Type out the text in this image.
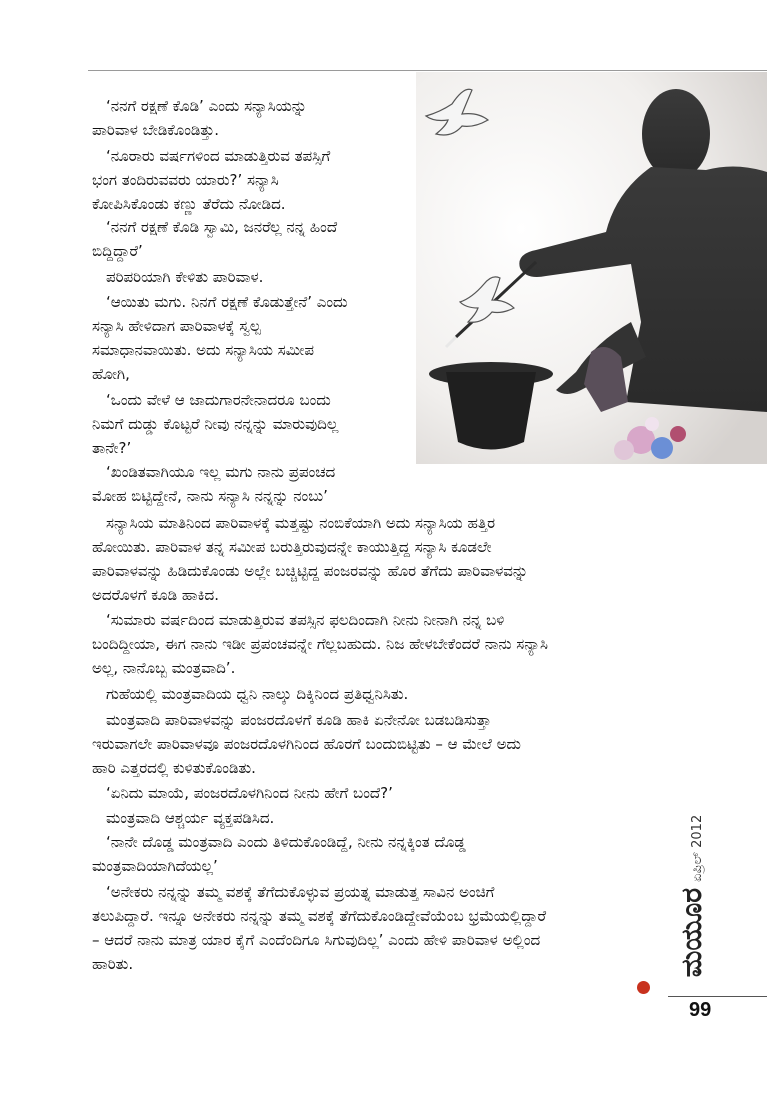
‘ನನಗೆ ರಕ್ಷಣೆ ಕೊಡಿ’ ಎಂದು ಸನ್ಯಾಸಿಯನ್ನು

ಪಾರಿವಾಳ ಬೇಡಿಕೊಂಡಿತ್ತು.

‘ನೂರಾರು ವರ್ಷಗಳಿಂದ ಮಾಡುತ್ತಿರುವ ತಪಸ್ಸಿಗೆ

ಭಂಗ ತಂದಿರುವವರು ಯಾರು?’ ಸನ್ಯಾಸಿ

ಕೋಪಿಸಿಕೊಂಡು ಕಣ್ಣು ತೆರೆದು ನೋಡಿದ.

‘ನನಗೆ ರಕ್ಷಣೆ ಕೊಡಿ ಸ್ವಾಮಿ, ಜನರೆಲ್ಲ ನನ್ನ ಹಿಂದೆ

ಬಿದ್ದಿದ್ದಾರೆ’

ಪರಿಪರಿಯಾಗಿ ಕೇಳಿತು ಪಾರಿವಾಳ.

‘ಆಯಿತು ಮಗು. ನಿನಗೆ ರಕ್ಷಣೆ ಕೊಡುತ್ತೇನೆ’ ಎಂದು

ಸನ್ಯಾಸಿ ಹೇಳಿದಾಗ ಪಾರಿವಾಳಕ್ಕೆ ಸ್ವಲ್ಪ

ಸಮಾಧಾನವಾಯಿತು. ಅದು ಸನ್ಯಾಸಿಯ ಸಮೀಪ

ಹೋಗಿ,

‘ಒಂದು ವೇಳೆ ಆ ಜಾದುಗಾರನೇನಾದರೂ ಬಂದು

ನಿಮಗೆ ದುಡ್ಡು ಕೊಟ್ಟರೆ ನೀವು ನನ್ನನ್ನು ಮಾರುವುದಿಲ್ಲ

ತಾನೇ?’

‘ಖಂಡಿತವಾಗಿಯೂ ಇಲ್ಲ ಮಗು ನಾನು ಪ್ರಪಂಚದ

ಮೋಹ ಬಿಟ್ಟಿದ್ದೇನೆ, ನಾನು ಸನ್ಯಾಸಿ ನನ್ನನ್ನು ನಂಬು’

ಸನ್ಯಾಸಿಯ ಮಾತಿನಿಂದ ಪಾರಿವಾಳಕ್ಕೆ ಮತ್ತಷ್ಟು ನಂಬಿಕೆಯಾಗಿ ಅದು ಸನ್ಯಾಸಿಯ ಹತ್ತಿರ

ಹೋಯಿತು. ಪಾರಿವಾಳ ತನ್ನ ಸಮೀಪ ಬರುತ್ತಿರುವುದನ್ನೇ ಕಾಯುತ್ತಿದ್ದ ಸನ್ಯಾಸಿ ಕೂಡಲೇ

ಪಾರಿವಾಳವನ್ನು ಹಿಡಿದುಕೊಂಡು ಅಲ್ಲೇ ಬಚ್ಚಿಟ್ಟಿದ್ದ ಪಂಜರವನ್ನು ಹೊರ ತೆಗೆದು ಪಾರಿವಾಳವನ್ನು

ಅದರೊಳಗೆ ಕೂಡಿ ಹಾಕಿದ.

‘ಸುಮಾರು ವರ್ಷದಿಂದ ಮಾಡುತ್ತಿರುವ ತಪಸ್ಸಿನ ಫಲದಿಂದಾಗಿ ನೀನು ನೀನಾಗಿ ನನ್ನ ಬಳಿ

ಬಂದಿದ್ದೀಯಾ, ಈಗ ನಾನು ಇಡೀ ಪ್ರಪಂಚವನ್ನೇ ಗೆಲ್ಲಬಹುದು. ನಿಜ ಹೇಳಬೇಕೆಂದರೆ ನಾನು ಸನ್ಯಾಸಿ

ಅಲ್ಲ, ನಾನೊಬ್ಬ ಮಂತ್ರವಾದಿ’.

ಗುಹೆಯಲ್ಲಿ ಮಂತ್ರವಾದಿಯ ಧ್ವನಿ ನಾಲ್ಕು ದಿಕ್ಕಿನಿಂದ ಪ್ರತಿಧ್ವನಿಸಿತು.

ಮಂತ್ರವಾದಿ ಪಾರಿವಾಳವನ್ನು ಪಂಜರದೊಳಗೆ ಕೂಡಿ ಹಾಕಿ ಏನೇನೋ ಬಡಬಡಿಸುತ್ತಾ

ಇರುವಾಗಲೇ ಪಾರಿವಾಳವೂ ಪಂಜರದೊಳಗಿನಿಂದ ಹೊರಗೆ ಬಂದುಬಿಟ್ಟಿತು – ಆ ಮೇಲೆ ಅದು

ಹಾರಿ ಎತ್ತರದಲ್ಲಿ ಕುಳಿತುಕೊಂಡಿತು.

‘ಏನಿದು ಮಾಯೆ, ಪಂಜರದೊಳಗಿನಿಂದ ನೀನು ಹೇಗೆ ಬಂದೆ?’

ಮಂತ್ರವಾದಿ ಆಶ್ಚರ್ಯ ವ್ಯಕ್ತಪಡಿಸಿದ.

‘ನಾನೇ ದೊಡ್ಡ ಮಂತ್ರವಾದಿ ಎಂದು ತಿಳಿದುಕೊಂಡಿದ್ದೆ, ನೀನು ನನ್ನಕ್ಕಿಂತ ದೊಡ್ಡ

ಮಂತ್ರವಾದಿಯಾಗಿದೆಯಲ್ಲ’

‘ಅನೇಕರು ನನ್ನನ್ನು ತಮ್ಮ ವಶಕ್ಕೆ ತೆಗೆದುಕೊಳ್ಳುವ ಪ್ರಯತ್ನ ಮಾಡುತ್ತ ಸಾವಿನ ಅಂಚಿಗೆ

ತಲುಪಿದ್ದಾರೆ. ಇನ್ನೂ ಅನೇಕರು ನನ್ನನ್ನು ತಮ್ಮ ವಶಕ್ಕೆ ತೆಗೆದುಕೊಂಡಿದ್ದೇವೆಯೆಂಬ ಭ್ರಮೆಯಲ್ಲಿದ್ದಾರೆ

– ಆದರೆ ನಾನು ಮಾತ್ರ ಯಾರ ಕೈಗೆ ಎಂದೆಂದಿಗೂ ಸಿಗುವುದಿಲ್ಲ’ ಎಂದು ಹೇಳಿ ಪಾರಿವಾಳ ಅಲ್ಲಿಂದ

ಹಾರಿತು.	ಮಯೂರ
ಏಪ್ರಿಲ್ 2012
99
